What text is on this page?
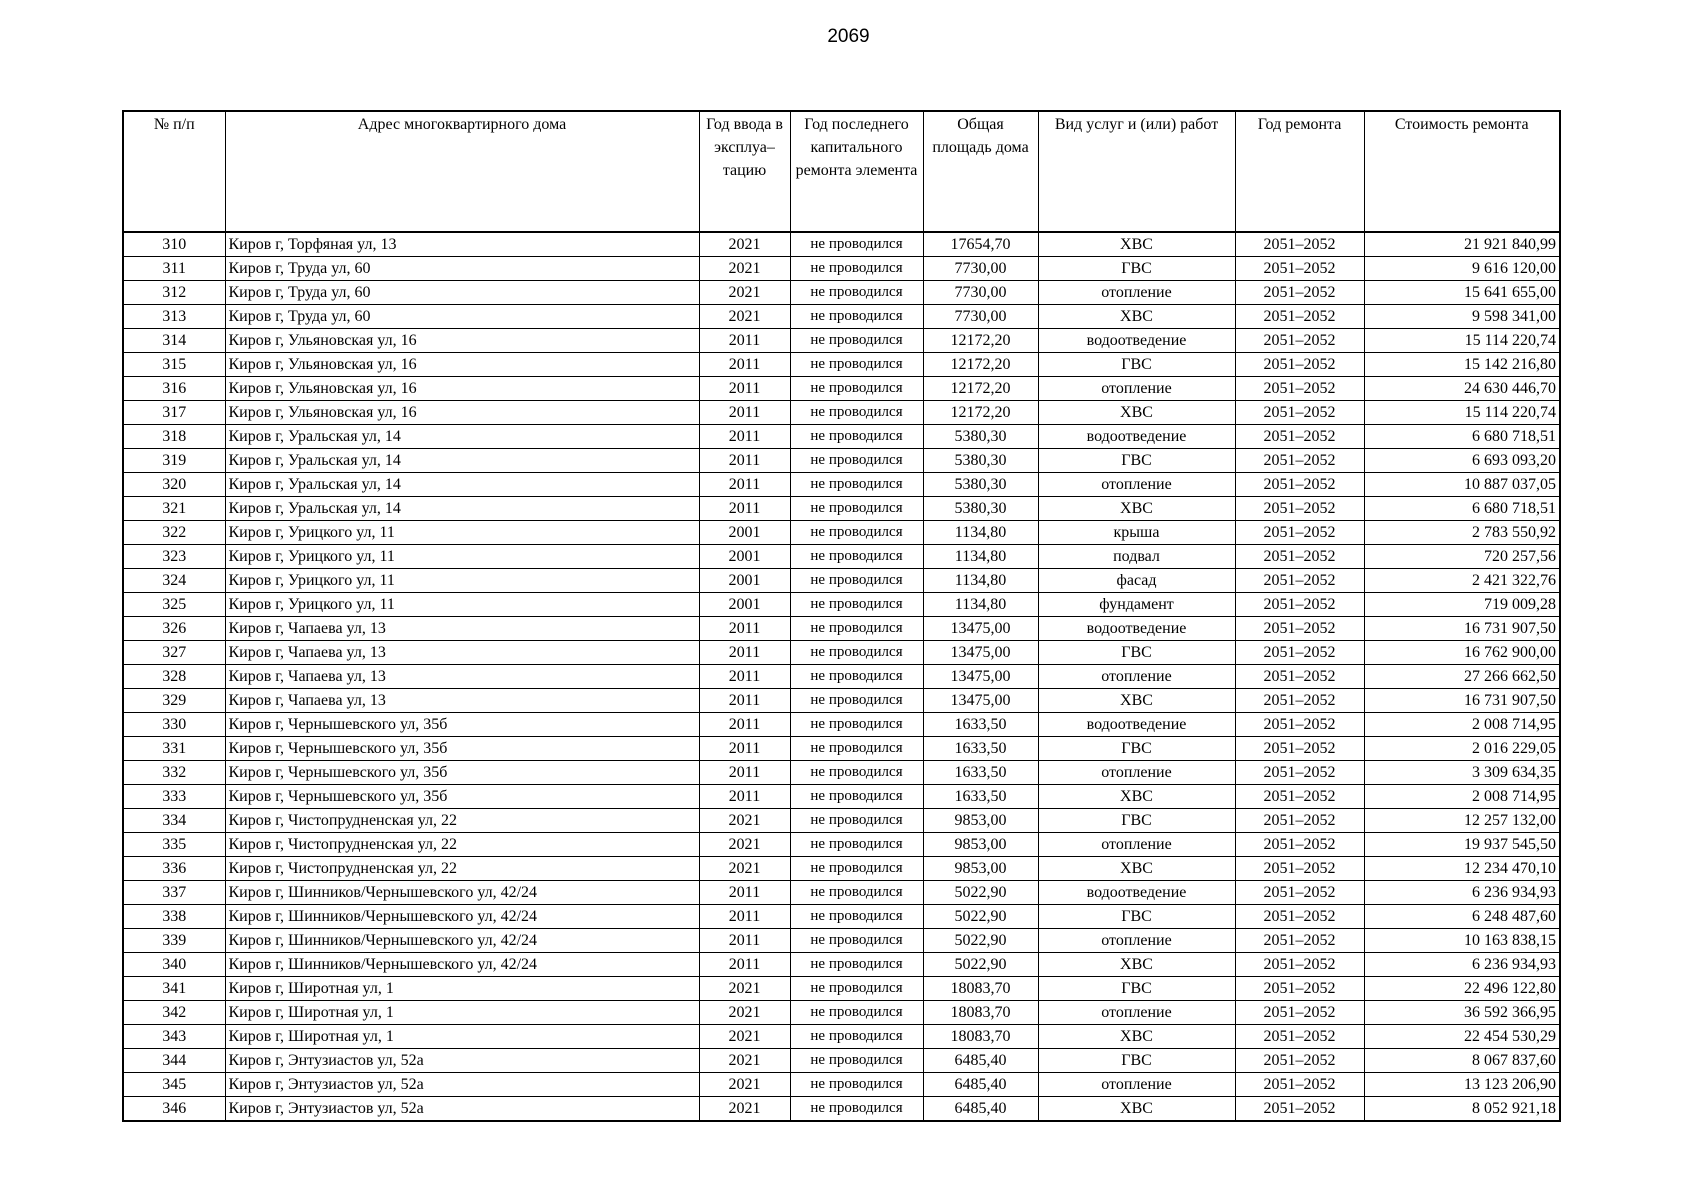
2069
№ п/п	Адрес многоквартирного дома	Год ввода в эксплуа–тацию	Год последнего капитального ремонта элемента	Общая площадь дома	Вид услуг и (или) работ	Год ремонта	Стоимость ремонта
310	Киров г, Торфяная ул, 13	2021	не проводился	17654,70	ХВС	2051–2052	21 921 840,99
311	Киров г, Труда ул, 60	2021	не проводился	7730,00	ГВС	2051–2052	9 616 120,00
312	Киров г, Труда ул, 60	2021	не проводился	7730,00	отопление	2051–2052	15 641 655,00
313	Киров г, Труда ул, 60	2021	не проводился	7730,00	ХВС	2051–2052	9 598 341,00
314	Киров г, Ульяновская ул, 16	2011	не проводился	12172,20	водоотведение	2051–2052	15 114 220,74
315	Киров г, Ульяновская ул, 16	2011	не проводился	12172,20	ГВС	2051–2052	15 142 216,80
316	Киров г, Ульяновская ул, 16	2011	не проводился	12172,20	отопление	2051–2052	24 630 446,70
317	Киров г, Ульяновская ул, 16	2011	не проводился	12172,20	ХВС	2051–2052	15 114 220,74
318	Киров г, Уральская ул, 14	2011	не проводился	5380,30	водоотведение	2051–2052	6 680 718,51
319	Киров г, Уральская ул, 14	2011	не проводился	5380,30	ГВС	2051–2052	6 693 093,20
320	Киров г, Уральская ул, 14	2011	не проводился	5380,30	отопление	2051–2052	10 887 037,05
321	Киров г, Уральская ул, 14	2011	не проводился	5380,30	ХВС	2051–2052	6 680 718,51
322	Киров г, Урицкого ул, 11	2001	не проводился	1134,80	крыша	2051–2052	2 783 550,92
323	Киров г, Урицкого ул, 11	2001	не проводился	1134,80	подвал	2051–2052	720 257,56
324	Киров г, Урицкого ул, 11	2001	не проводился	1134,80	фасад	2051–2052	2 421 322,76
325	Киров г, Урицкого ул, 11	2001	не проводился	1134,80	фундамент	2051–2052	719 009,28
326	Киров г, Чапаева ул, 13	2011	не проводился	13475,00	водоотведение	2051–2052	16 731 907,50
327	Киров г, Чапаева ул, 13	2011	не проводился	13475,00	ГВС	2051–2052	16 762 900,00
328	Киров г, Чапаева ул, 13	2011	не проводился	13475,00	отопление	2051–2052	27 266 662,50
329	Киров г, Чапаева ул, 13	2011	не проводился	13475,00	ХВС	2051–2052	16 731 907,50
330	Киров г, Чернышевского ул, 35б	2011	не проводился	1633,50	водоотведение	2051–2052	2 008 714,95
331	Киров г, Чернышевского ул, 35б	2011	не проводился	1633,50	ГВС	2051–2052	2 016 229,05
332	Киров г, Чернышевского ул, 35б	2011	не проводился	1633,50	отопление	2051–2052	3 309 634,35
333	Киров г, Чернышевского ул, 35б	2011	не проводился	1633,50	ХВС	2051–2052	2 008 714,95
334	Киров г, Чистопрудненская ул, 22	2021	не проводился	9853,00	ГВС	2051–2052	12 257 132,00
335	Киров г, Чистопрудненская ул, 22	2021	не проводился	9853,00	отопление	2051–2052	19 937 545,50
336	Киров г, Чистопрудненская ул, 22	2021	не проводился	9853,00	ХВС	2051–2052	12 234 470,10
337	Киров г, Шинников/Чернышевского ул, 42/24	2011	не проводился	5022,90	водоотведение	2051–2052	6 236 934,93
338	Киров г, Шинников/Чернышевского ул, 42/24	2011	не проводился	5022,90	ГВС	2051–2052	6 248 487,60
339	Киров г, Шинников/Чернышевского ул, 42/24	2011	не проводился	5022,90	отопление	2051–2052	10 163 838,15
340	Киров г, Шинников/Чернышевского ул, 42/24	2011	не проводился	5022,90	ХВС	2051–2052	6 236 934,93
341	Киров г, Широтная ул, 1	2021	не проводился	18083,70	ГВС	2051–2052	22 496 122,80
342	Киров г, Широтная ул, 1	2021	не проводился	18083,70	отопление	2051–2052	36 592 366,95
343	Киров г, Широтная ул, 1	2021	не проводился	18083,70	ХВС	2051–2052	22 454 530,29
344	Киров г, Энтузиастов ул, 52а	2021	не проводился	6485,40	ГВС	2051–2052	8 067 837,60
345	Киров г, Энтузиастов ул, 52а	2021	не проводился	6485,40	отопление	2051–2052	13 123 206,90
346	Киров г, Энтузиастов ул, 52а	2021	не проводился	6485,40	ХВС	2051–2052	8 052 921,18
